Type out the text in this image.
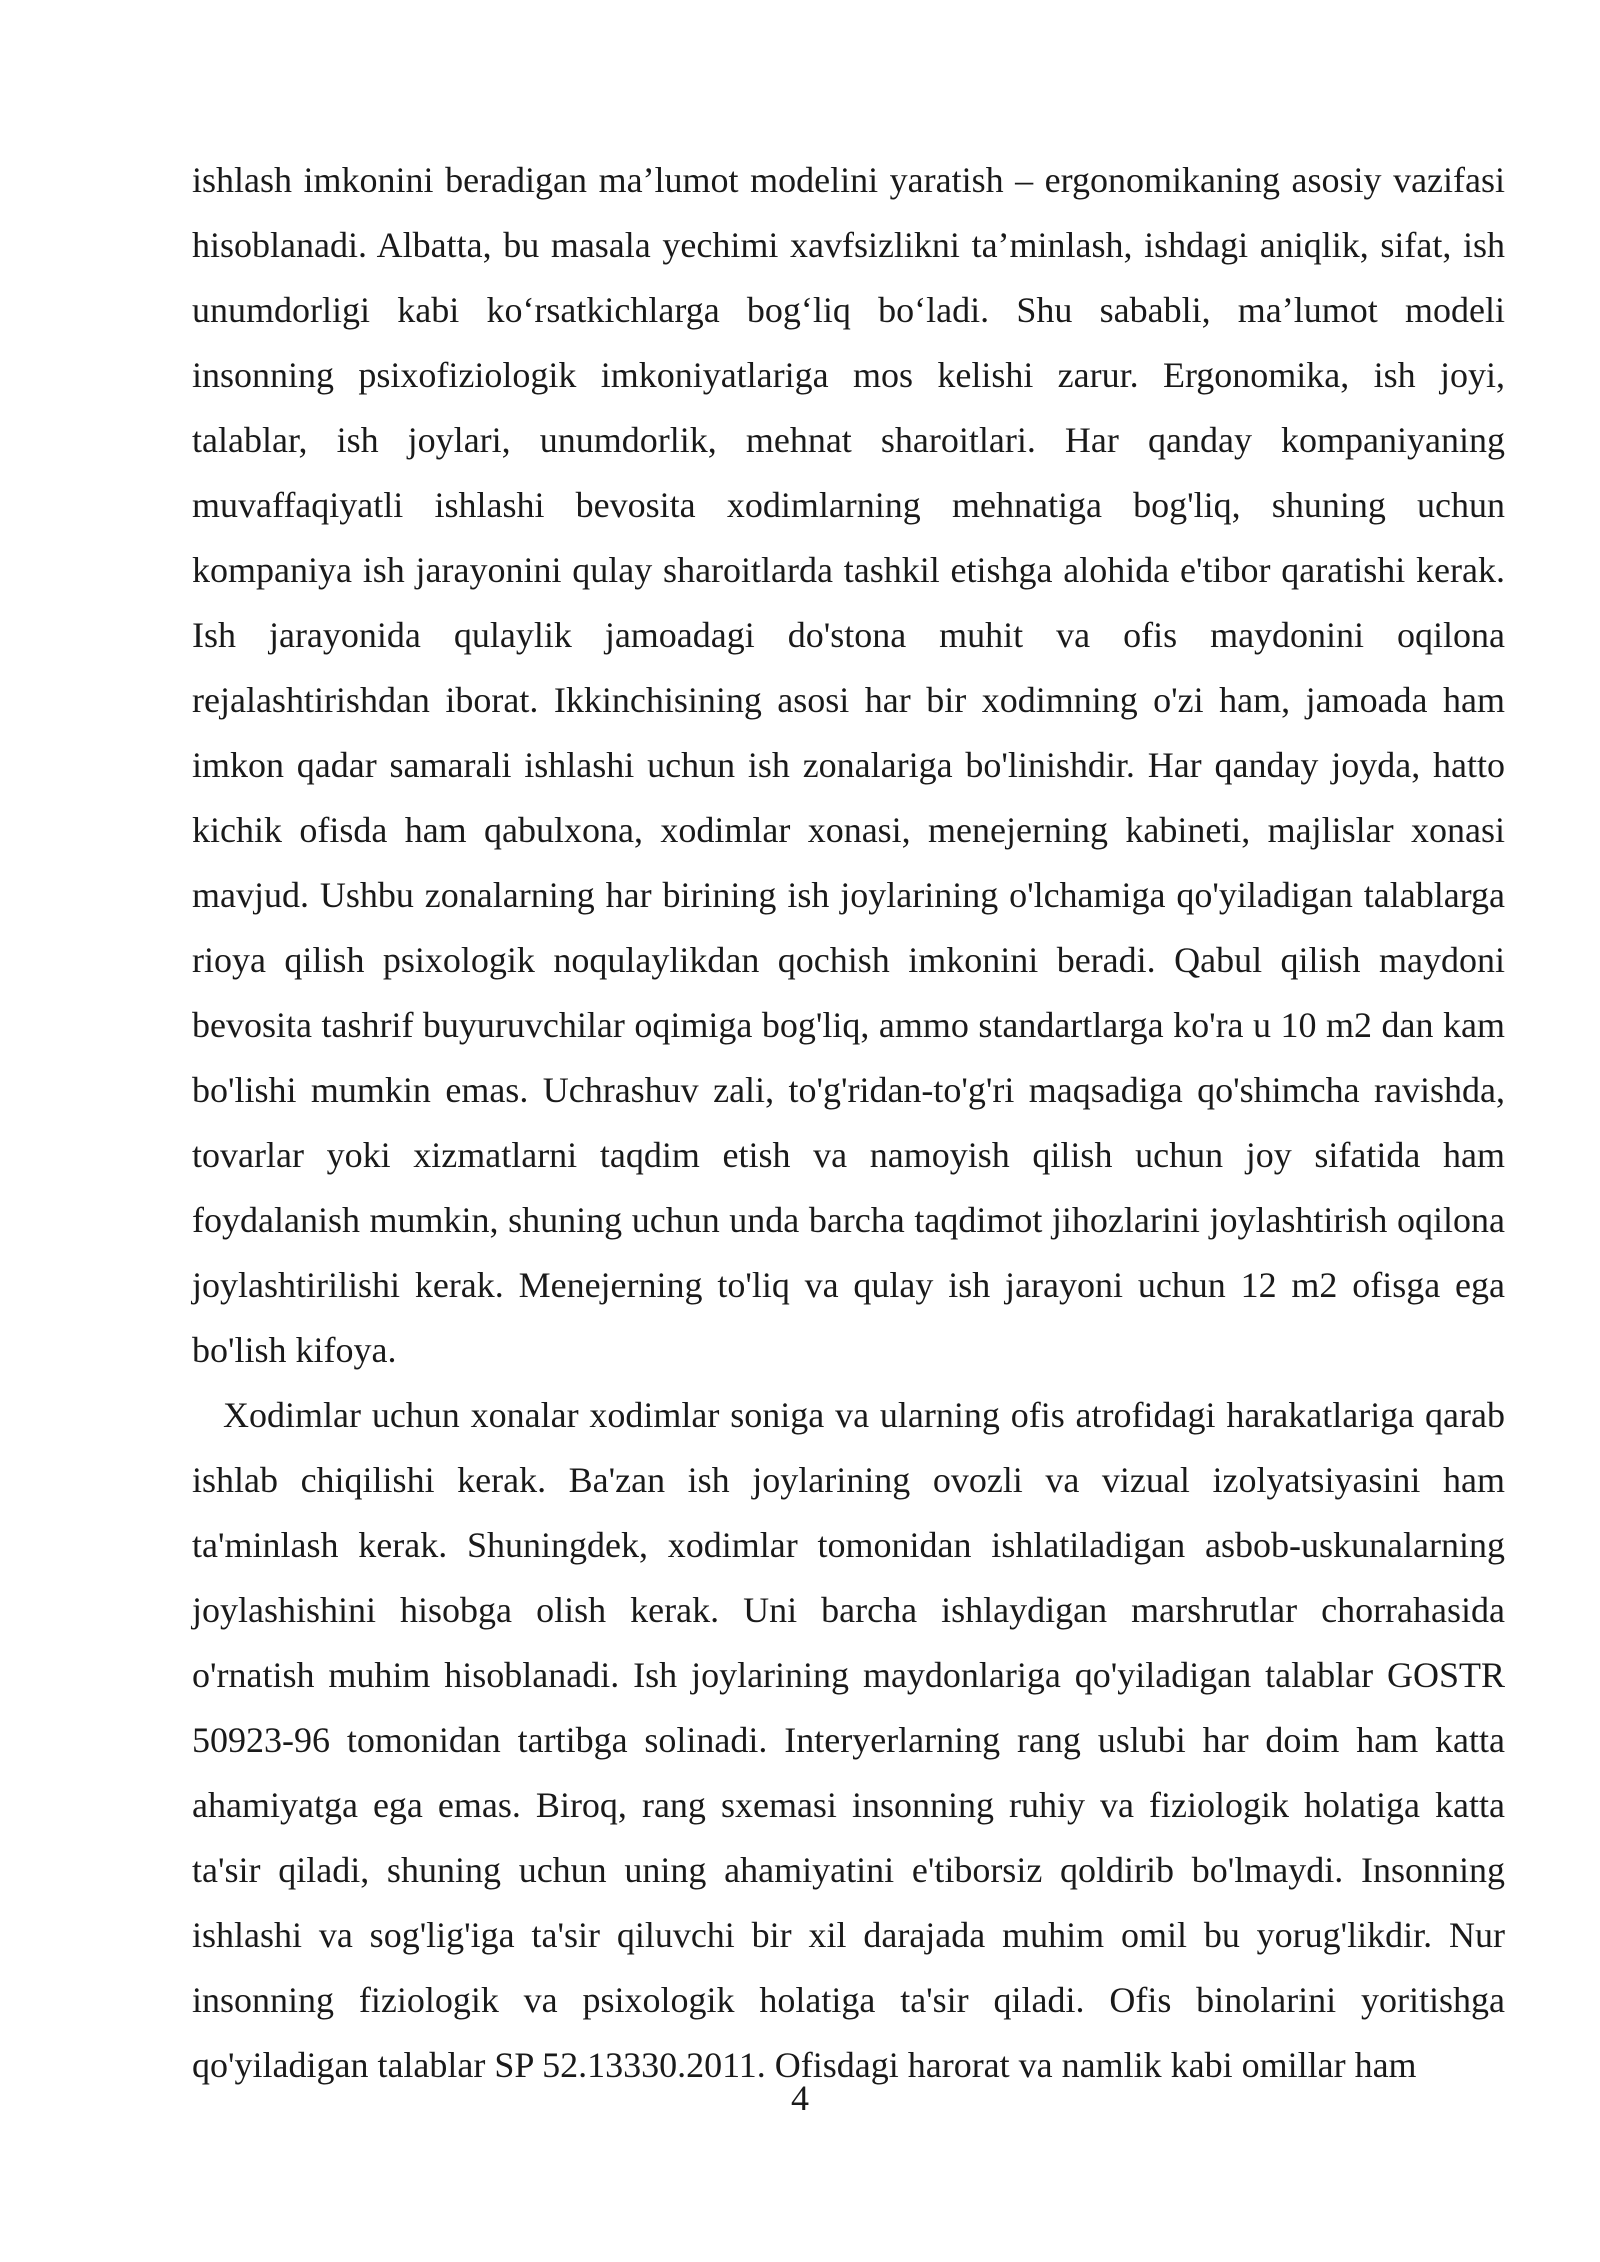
ishlash imkonini beradigan ma’lumot modelini yaratish – ergonomikaning asosiy vazifasi hisoblanadi. Albatta, bu masala yechimi xavfsizlikni ta’minlash, ishdagi aniqlik, sifat, ish unumdorligi kabi ko‘rsatkichlarga bog‘liq bo‘ladi. Shu sababli, ma’lumot modeli insonning psixofiziologik imkoniyatlariga mos kelishi zarur. Ergonomika, ish joyi, talablar, ish joylari, unumdorlik, mehnat sharoitlari. Har qanday kompaniyaning muvaffaqiyatli ishlashi bevosita xodimlarning mehnatiga bog'liq, shuning uchun kompaniya ish jarayonini qulay sharoitlarda tashkil etishga alohida e'tibor qaratishi kerak. Ish jarayonida qulaylik jamoadagi do'stona muhit va ofis maydonini oqilona rejalashtirishdan iborat. Ikkinchisining asosi har bir xodimning o'zi ham, jamoada ham imkon qadar samarali ishlashi uchun ish zonalariga bo'linishdir. Har qanday joyda, hatto kichik ofisda ham qabulxona, xodimlar xonasi, menejerning kabineti, majlislar xonasi mavjud. Ushbu zonalarning har birining ish joylarining o'lchamiga qo'yiladigan talablarga rioya qilish psixologik noqulaylikdan qochish imkonini beradi. Qabul qilish maydoni bevosita tashrif buyuruvchilar oqimiga bog'liq, ammo standartlarga ko'ra u 10 m2 dan kam bo'lishi mumkin emas. Uchrashuv zali, to'g'ridan-to'g'ri maqsadiga qo'shimcha ravishda, tovarlar yoki xizmatlarni taqdim etish va namoyish qilish uchun joy sifatida ham foydalanish mumkin, shuning uchun unda barcha taqdimot jihozlarini joylashtirish oqilona joylashtirilishi kerak. Menejerning to'liq va qulay ish jarayoni uchun 12 m2 ofisga ega bo'lish kifoya.

Xodimlar uchun xonalar xodimlar soniga va ularning ofis atrofidagi harakatlariga qarab ishlab chiqilishi kerak. Ba'zan ish joylarining ovozli va vizual izolyatsiyasini ham ta'minlash kerak. Shuningdek, xodimlar tomonidan ishlatiladigan asbob-uskunalarning joylashishini hisobga olish kerak. Uni barcha ishlaydigan marshrutlar chorrahasida o'rnatish muhim hisoblanadi. Ish joylarining maydonlariga qo'yiladigan talablar GOSTR 50923-96 tomonidan tartibga solinadi. Interyerlarning rang uslubi har doim ham katta ahamiyatga ega emas. Biroq, rang sxemasi insonning ruhiy va fiziologik holatiga katta ta'sir qiladi, shuning uchun uning ahamiyatini e'tiborsiz qoldirib bo'lmaydi. Insonning ishlashi va sog'lig'iga ta'sir qiluvchi bir xil darajada muhim omil bu yorug'likdir. Nur insonning fiziologik va psixologik holatiga ta'sir qiladi. Ofis binolarini yoritishga qo'yiladigan talablar SP 52.13330.2011. Ofisdagi harorat va namlik kabi omillar ham

4
